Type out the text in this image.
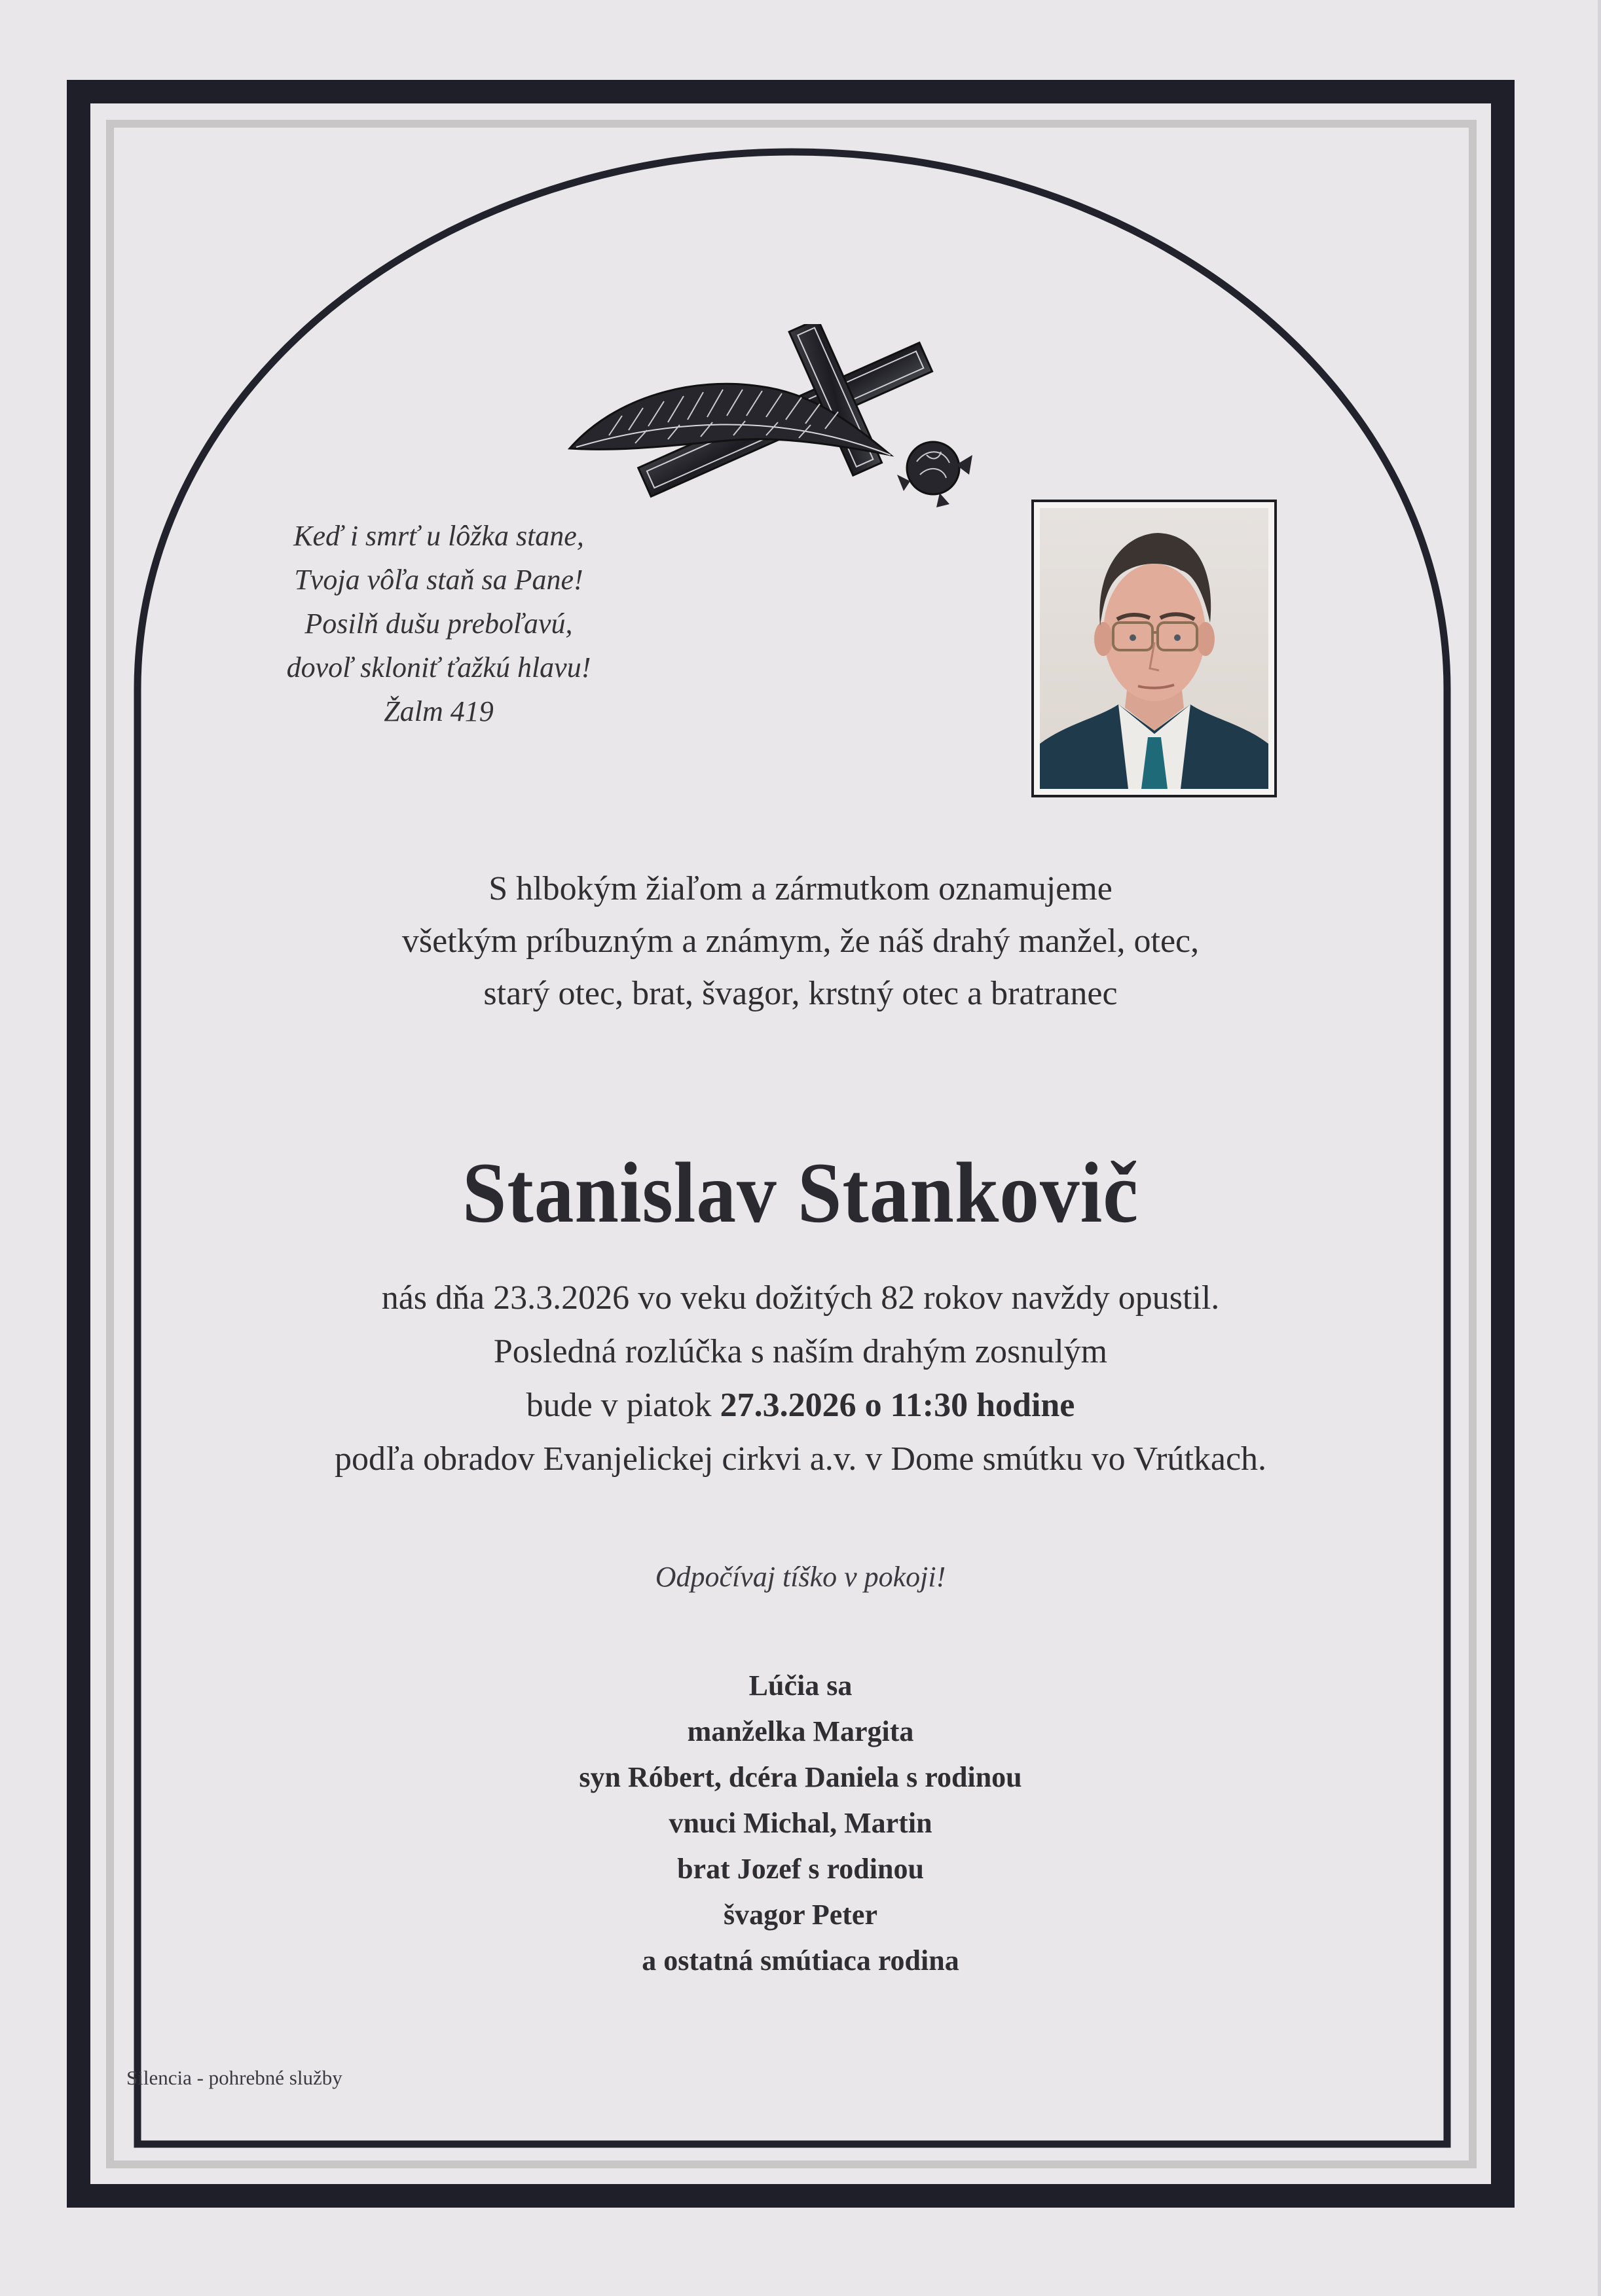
Keď i smrť u lôžka stane,
Tvoja vôľa staň sa Pane!
Posilň dušu preboľavú,
dovoľ skloniť ťažkú hlavu!
Žalm 419
S hlbokým žiaľom a zármutkom oznamujeme
všetkým príbuzným a známym, že náš drahý manžel, otec,
starý otec, brat, švagor, krstný otec a bratranec
Stanislav Stankovič
nás dňa 23.3.2026 vo veku dožitých 82 rokov navždy opustil.
Posledná rozlúčka s naším drahým zosnulým
bude v piatok 27.3.2026 o 11:30 hodine
podľa obradov Evanjelickej cirkvi a.v. v Dome smútku vo Vrútkach.
Odpočívaj tíško v pokoji!
Lúčia sa
manželka Margita
syn Róbert, dcéra Daniela s rodinou
vnuci Michal, Martin
brat Jozef s rodinou
švagor Peter
a ostatná smútiaca rodina
Silencia - pohrebné služby
